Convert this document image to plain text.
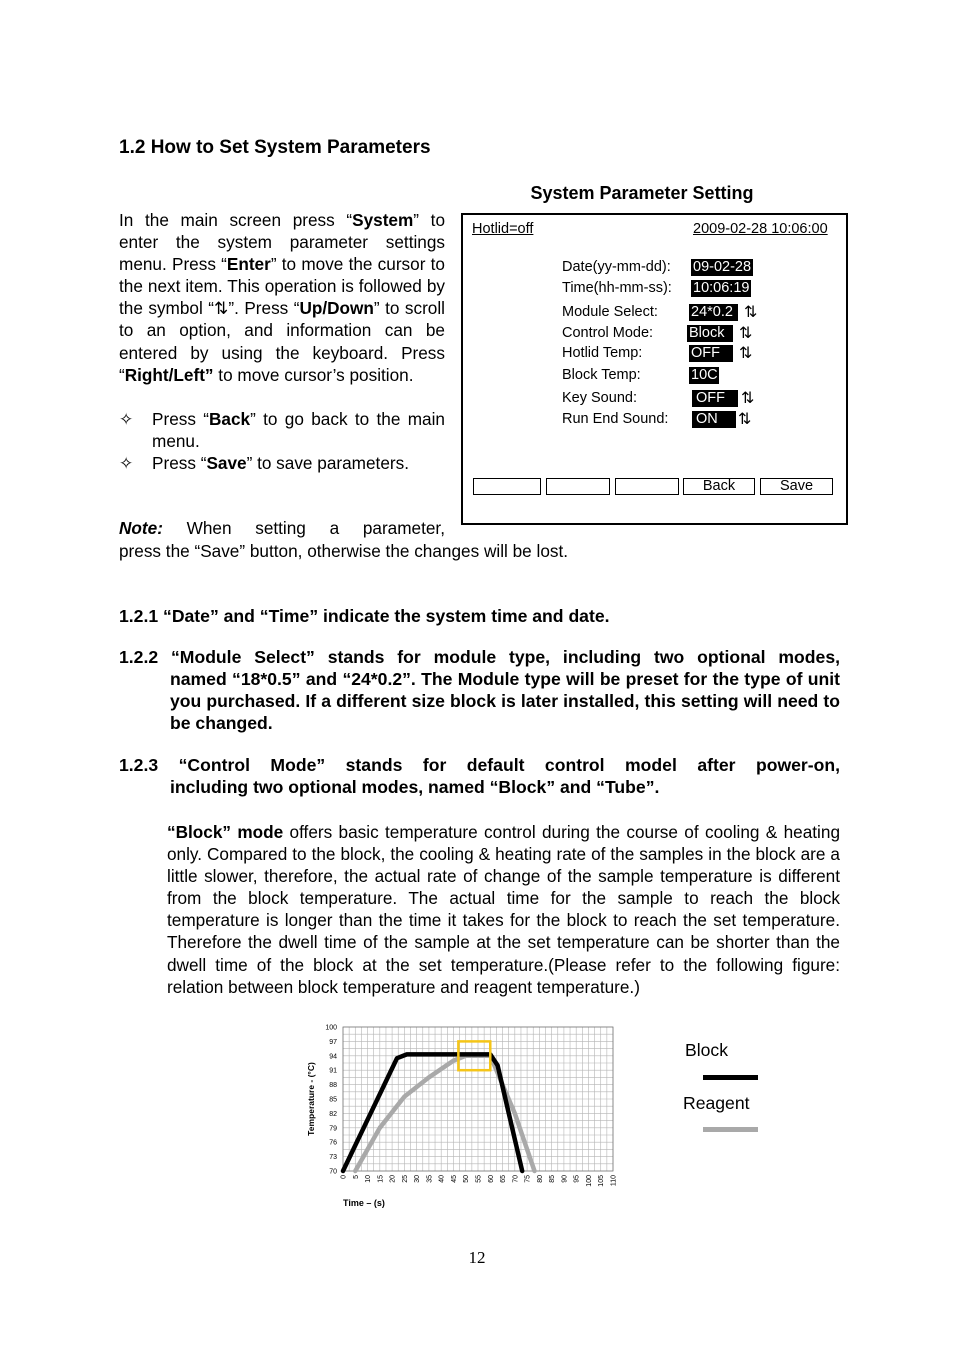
1.2 How to Set System Parameters
System Parameter Setting
In the main screen press “System” to enter the system parameter settings menu. Press “Enter” to move the cursor to the next item. This operation is followed by the symbol “⇅”. Press “Up/Down” to scroll to an option, and information can be entered by using the keyboard. Press “Right/Left” to move cursor’s position.
✧ Press “Back” to go back to the main menu.
✧ Press “Save” to save parameters.
Note: When setting a parameter,
press the “Save” button, otherwise the changes will be lost.
Hotlid=off	2009-02-28 10:06:00
Date(yy-mm-dd): 09-02-28
Time(hh-mm-ss): 10:06:19
Module Select: 24*0.2 ⇅
Control Mode: Block ⇅
Hotlid Temp:	OFF	⇅
Block Temp:	10C
Key Sound:	OFF	⇅
Run End Sound: ON	⇅
Back	Save
1.2.1 “Date” and “Time” indicate the system time and date.
1.2.2 “Module Select” stands for module type, including two optional modes,
named “18*0.5” and “24*0.2”. The Module type will be preset for the type of unit you purchased. If a different size block is later installed, this setting will need to be changed.
1.2.3 “Control Mode” stands for default control model after power-on,
including two optional modes, named “Block” and “Tube”.
“Block” mode offers basic temperature control during the course of cooling & heating only. Compared to the block, the cooling & heating rate of the samples in the block are a little slower, therefore, the actual rate of change of the sample temperature is different from the block temperature. The actual time for the sample to reach the block temperature is longer than the time it takes for the block to reach the set temperature. Therefore the dwell time of the sample at the set temperature can be shorter than the dwell time of the block at the set temperature.(Please refer to the following figure: relation between block temperature and reagent temperature.)
70
73
76
79
82
85
88
91
94
97
100
0 5 10 15 20 25 30 35 40 45 50 55 60 65 70 75 80 85 90 95 100 105 110
Temperature - (°C)
Time – (s)
Block
Reagent
12
